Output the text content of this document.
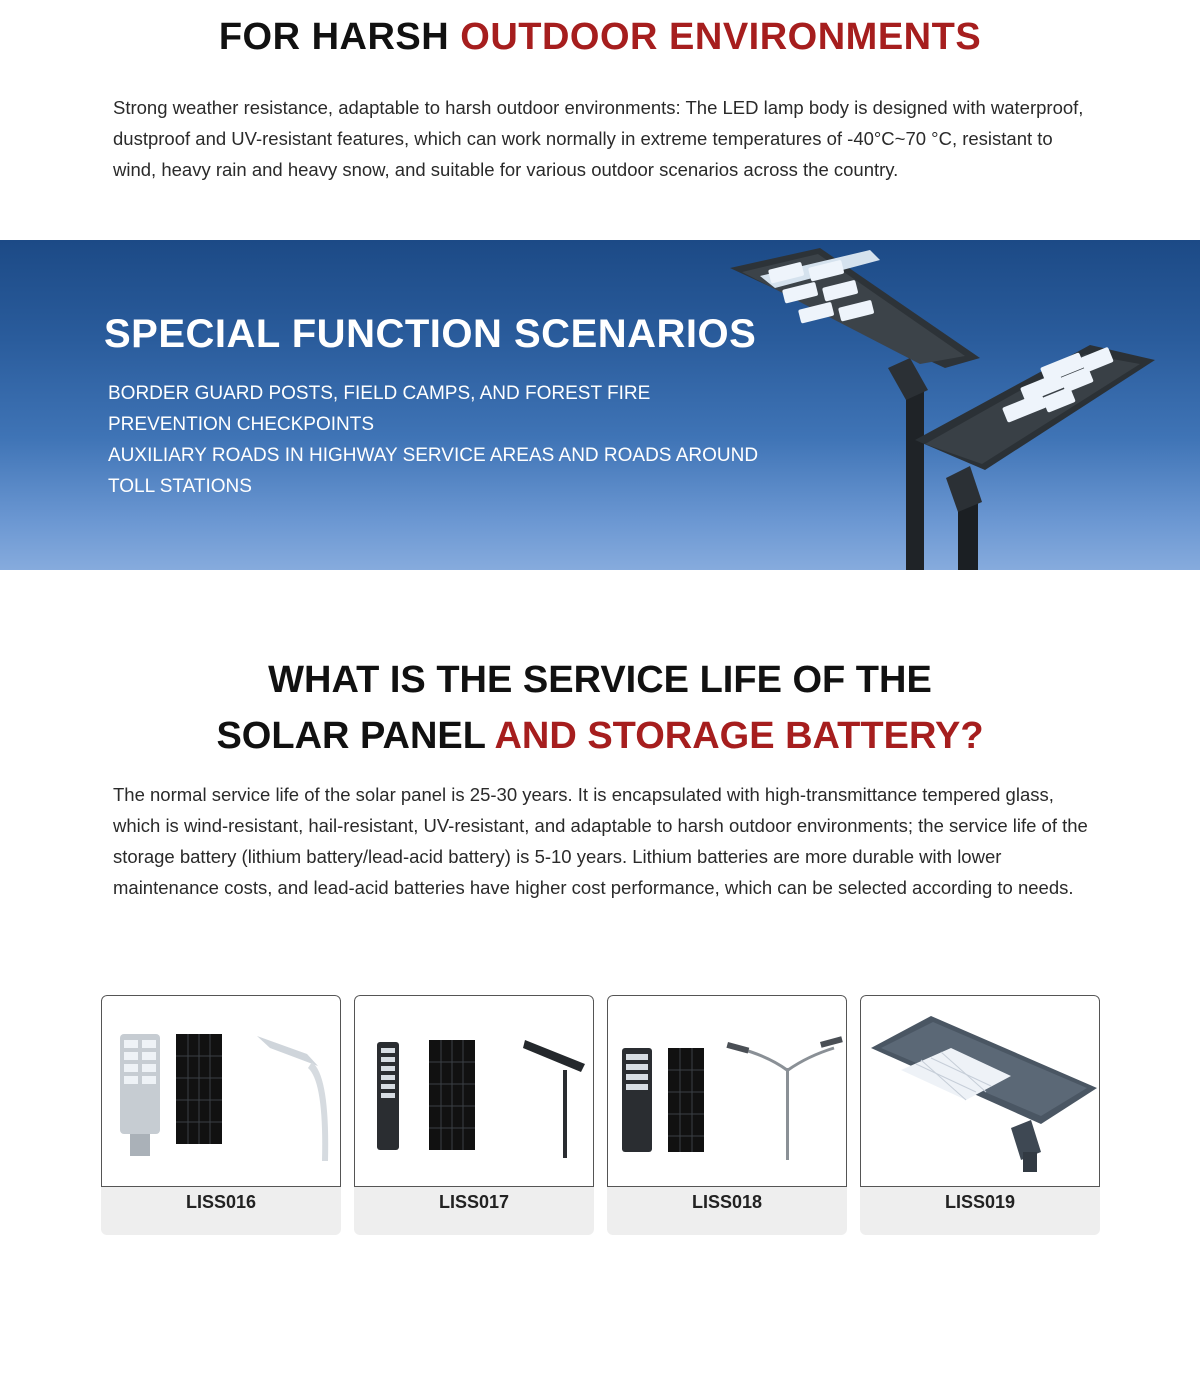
FOR HARSH OUTDOOR ENVIRONMENTS

Strong weather resistance, adaptable to harsh outdoor environments: The LED lamp body is designed with waterproof, dustproof and UV-resistant features, which can work normally in extreme temperatures of -40°C~70 °C, resistant to wind, heavy rain and heavy snow, and suitable for various outdoor scenarios across the country.

SPECIAL FUNCTION SCENARIOS
BORDER GUARD POSTS, FIELD CAMPS, AND FOREST FIRE PREVENTION CHECKPOINTS
AUXILIARY ROADS IN HIGHWAY SERVICE AREAS AND ROADS AROUND TOLL STATIONS
WHAT IS THE SERVICE LIFE OF THE
SOLAR PANEL AND STORAGE BATTERY?

The normal service life of the solar panel is 25-30 years. It is encapsulated with high-transmittance tempered glass, which is wind-resistant, hail-resistant, UV-resistant, and adaptable to harsh outdoor environments; the service life of the storage battery (lithium battery/lead-acid battery) is 5-10 years. Lithium batteries are more durable with lower maintenance costs, and lead-acid batteries have higher cost performance, which can be selected according to needs.

LISS016	LISS017	LISS018	LISS019
